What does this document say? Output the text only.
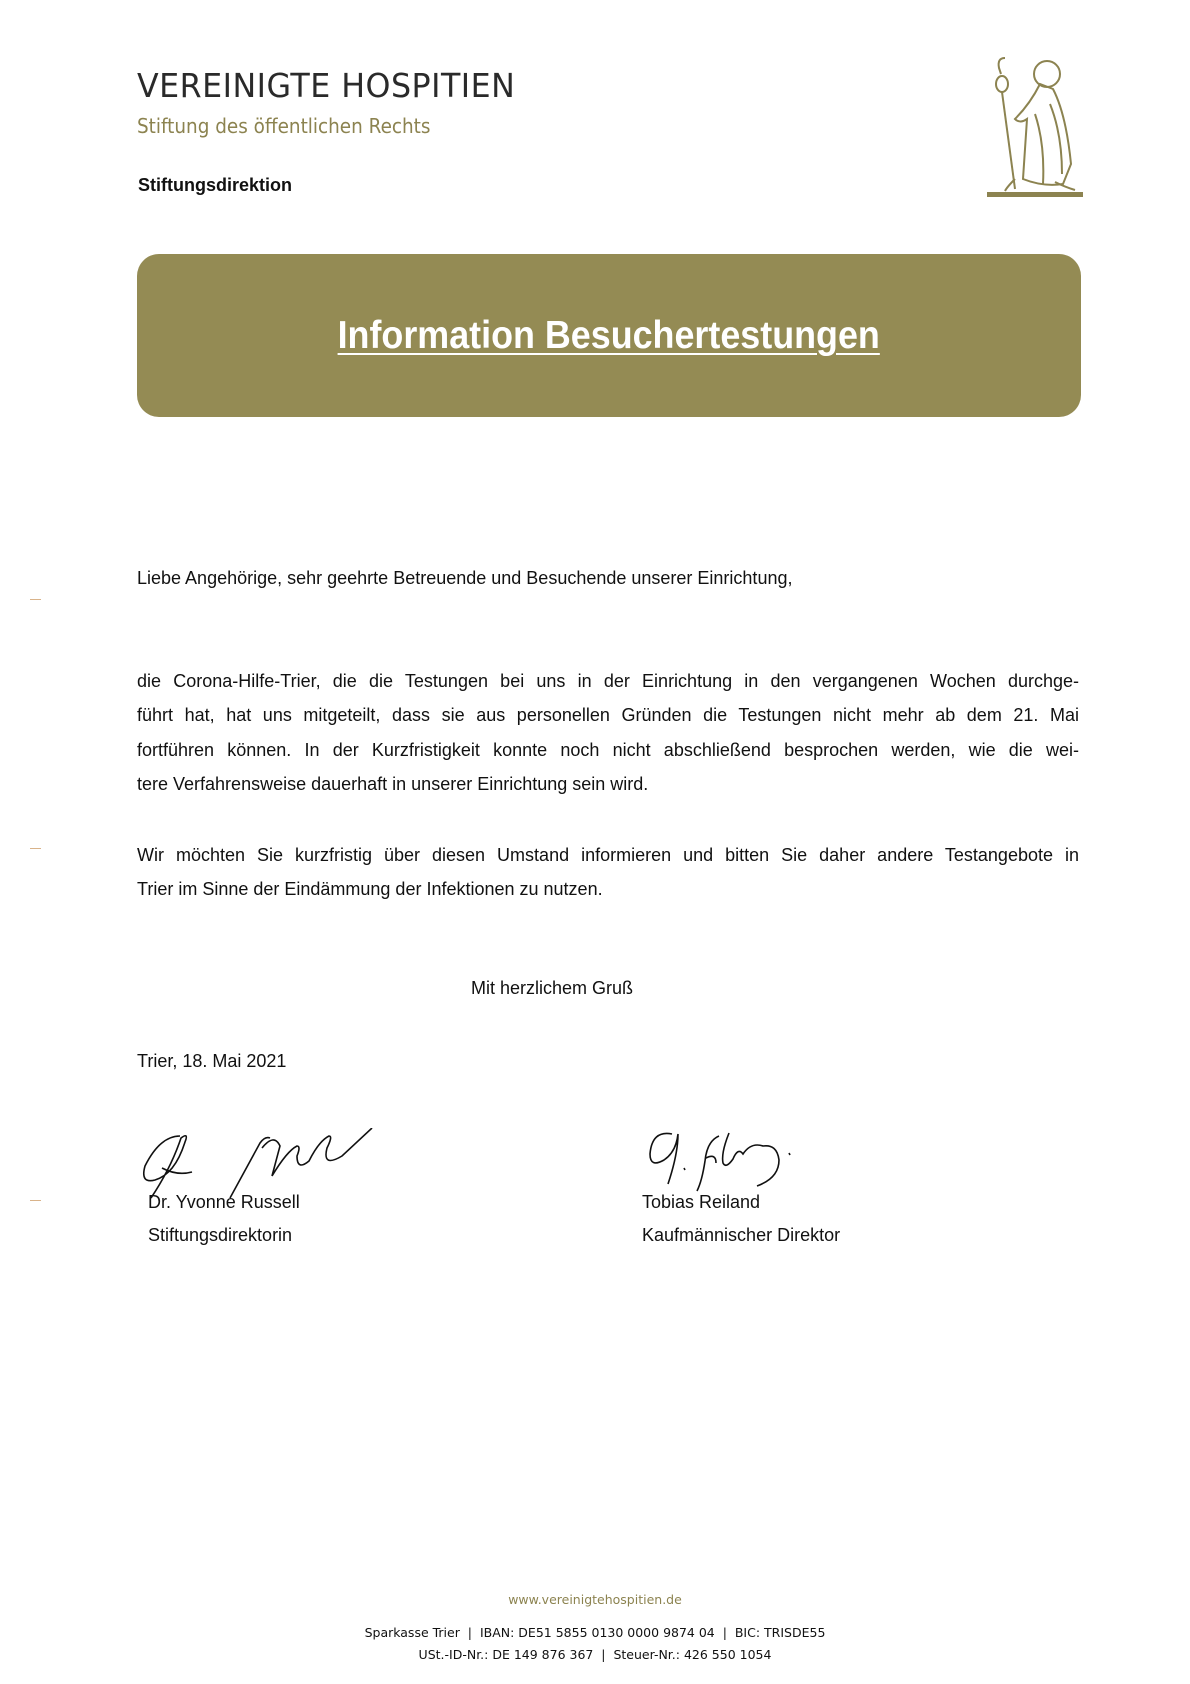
VEREINIGTE HOSPITIEN
Stiftung des öffentlichen Rechts
Stiftungsdirektion
Information Besuchertestungen
Liebe Angehörige, sehr geehrte Betreuende und Besuchende unserer Einrichtung,
die Corona-Hilfe-Trier, die die Testungen bei uns in der Einrichtung in den vergangenen Wochen durchge-
führt hat, hat uns mitgeteilt, dass sie aus personellen Gründen die Testungen nicht mehr ab dem 21. Mai
fortführen können. In der Kurzfristigkeit konnte noch nicht abschließend besprochen werden, wie die wei-
tere Verfahrensweise dauerhaft in unserer Einrichtung sein wird.
Wir möchten Sie kurzfristig über diesen Umstand informieren und bitten Sie daher andere Testangebote in
Trier im Sinne der Eindämmung der Infektionen zu nutzen.
Mit herzlichem Gruß
Trier, 18. Mai 2021
Dr. Yvonne Russell
Stiftungsdirektorin
Tobias Reiland
Kaufmännischer Direktor
www.vereinigtehospitien.de
Sparkasse Trier  |  IBAN: DE51 5855 0130 0000 9874 04  |  BIC: TRISDE55
USt.-ID-Nr.: DE 149 876 367  |  Steuer-Nr.: 426 550 1054
